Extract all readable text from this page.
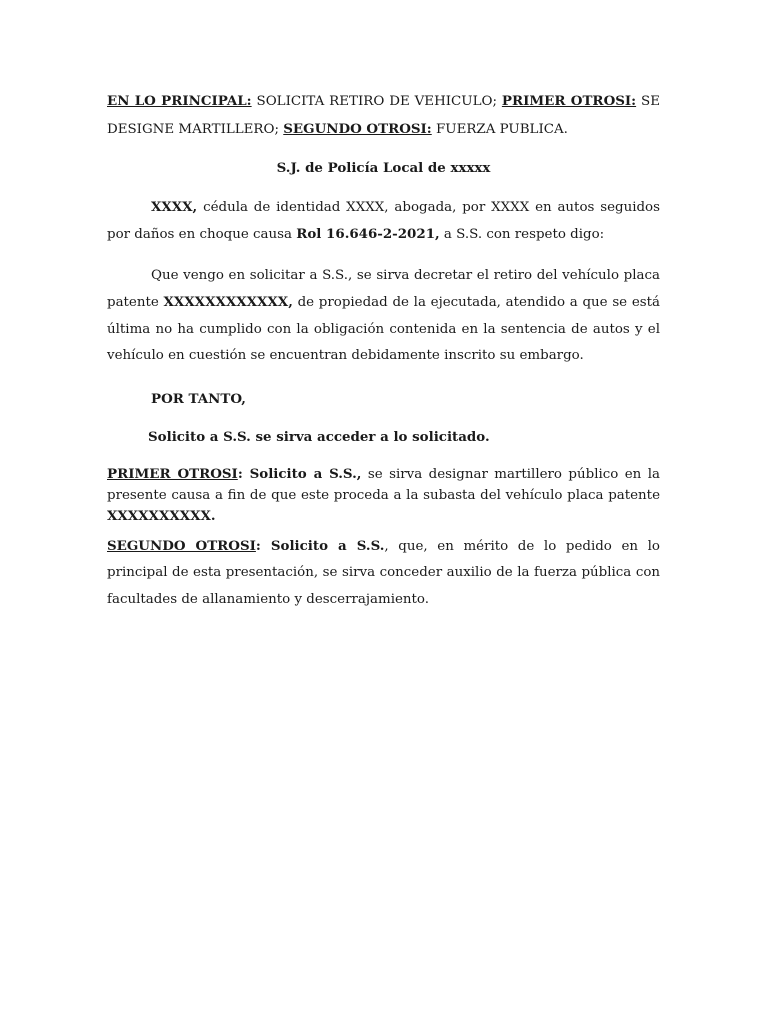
EN LO PRINCIPAL: SOLICITA RETIRO DE VEHICULO; PRIMER OTROSI: SE DESIGNE MARTILLERO; SEGUNDO OTROSI: FUERZA PUBLICA.

S.J. de Policía Local de xxxxx

XXXX, cédula de identidad XXXX, abogada, por XXXX en autos seguidos por daños en choque causa Rol 16.646-2-2021, a S.S. con respeto digo:

Que vengo en solicitar a S.S., se sirva decretar el retiro del vehículo placa patente XXXXXXXXXXXX, de propiedad de la ejecutada, atendido a que se está última no ha cumplido con la obligación contenida en la sentencia de autos y el vehículo en cuestión se encuentran debidamente inscrito su embargo.

POR TANTO,

Solicito a S.S. se sirva acceder a lo solicitado.

PRIMER OTROSI: Solicito a S.S., se sirva designar martillero público en la presente causa a fin de que este proceda a la subasta del vehículo placa patente XXXXXXXXXX.

SEGUNDO OTROSI: Solicito a S.S., que, en mérito de lo pedido en lo principal de esta presentación, se sirva conceder auxilio de la fuerza pública con facultades de allanamiento y descerrajamiento.
